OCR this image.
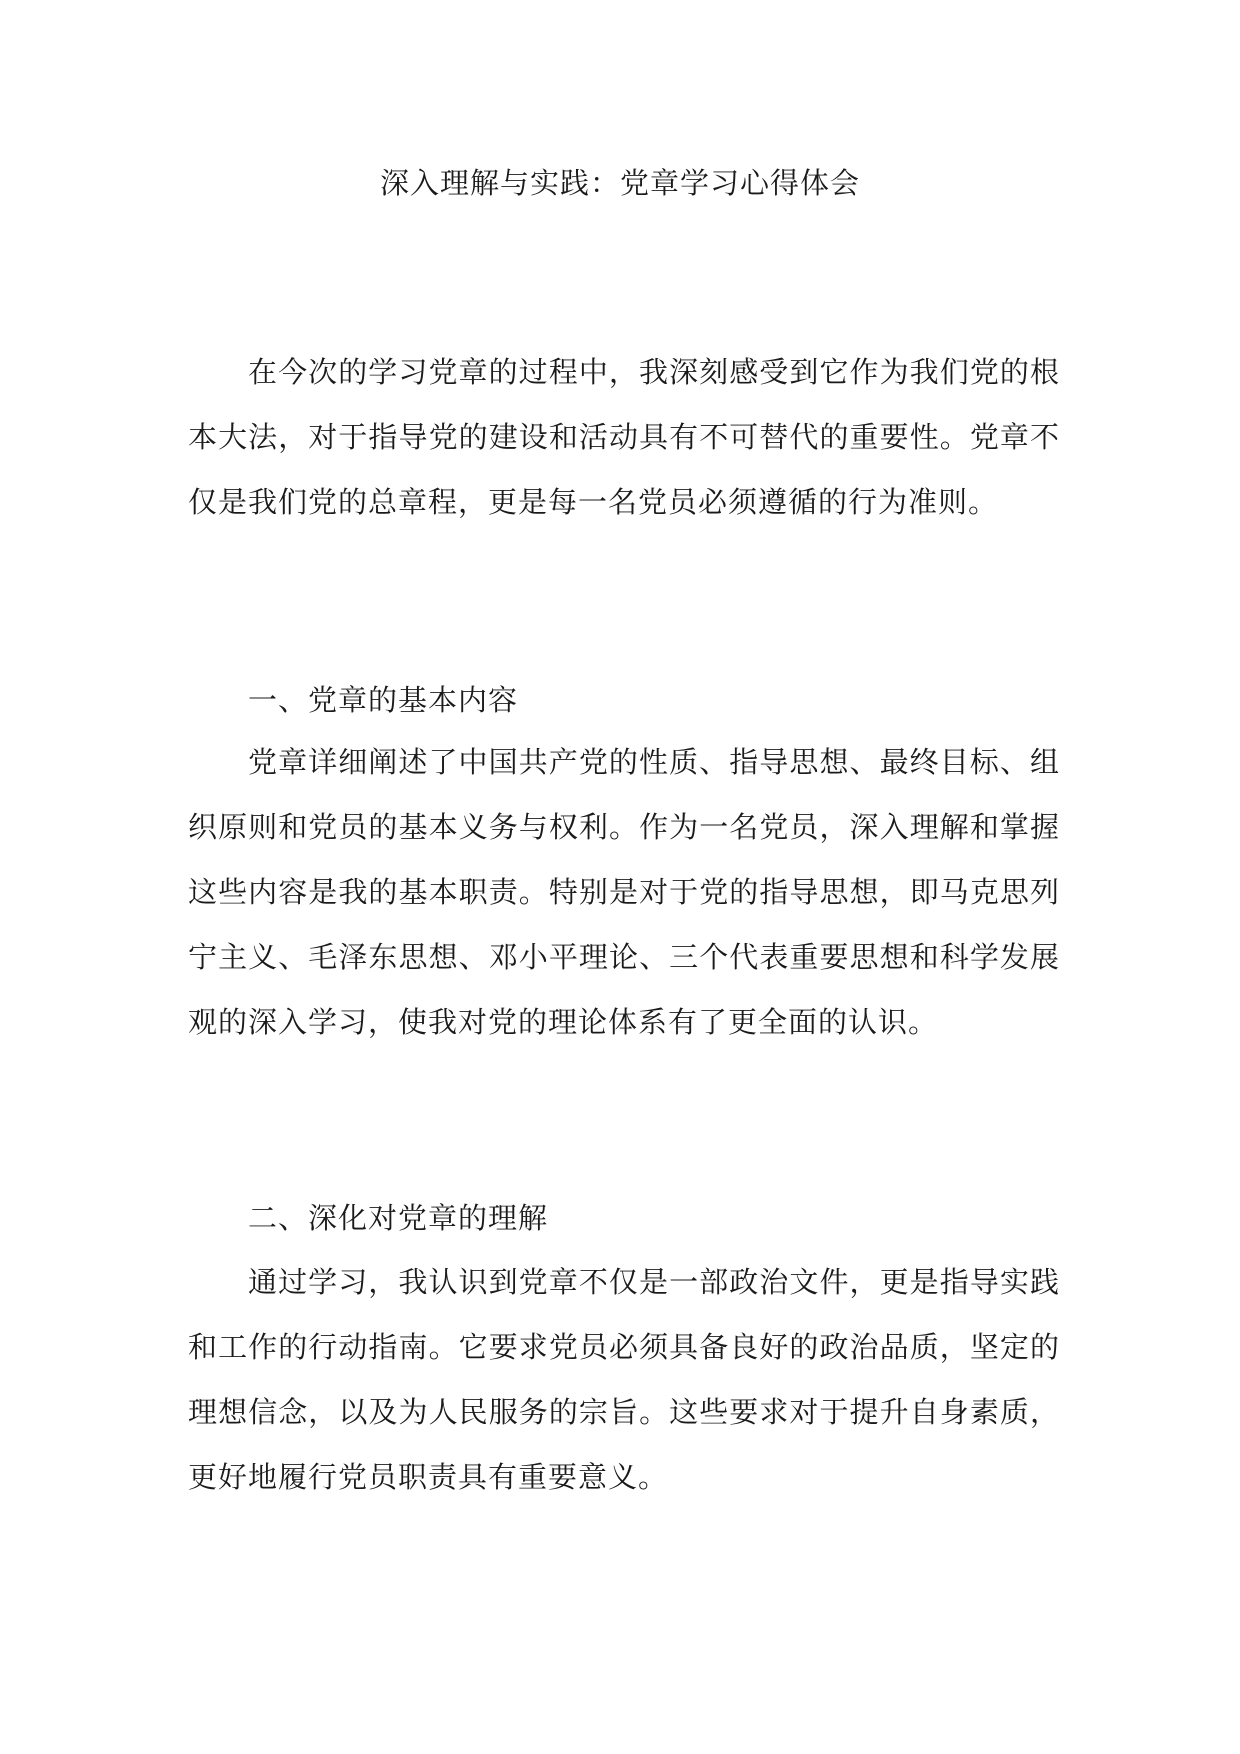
深入理解与实践：党章学习心得体会

在今次的学习党章的过程中，我深刻感受到它作为我们党的根本大法，对于指导党的建设和活动具有不可替代的重要性。党章不仅是我们党的总章程，更是每一名党员必须遵循的行为准则。

一、党章的基本内容

党章详细阐述了中国共产党的性质、指导思想、最终目标、组织原则和党员的基本义务与权利。作为一名党员，深入理解和掌握这些内容是我的基本职责。特别是对于党的指导思想，即马克思列宁主义、毛泽东思想、邓小平理论、三个代表重要思想和科学发展观的深入学习，使我对党的理论体系有了更全面的认识。

二、深化对党章的理解

通过学习，我认识到党章不仅是一部政治文件，更是指导实践和工作的行动指南。它要求党员必须具备良好的政治品质，坚定的理想信念，以及为人民服务的宗旨。这些要求对于提升自身素质，更好地履行党员职责具有重要意义。
